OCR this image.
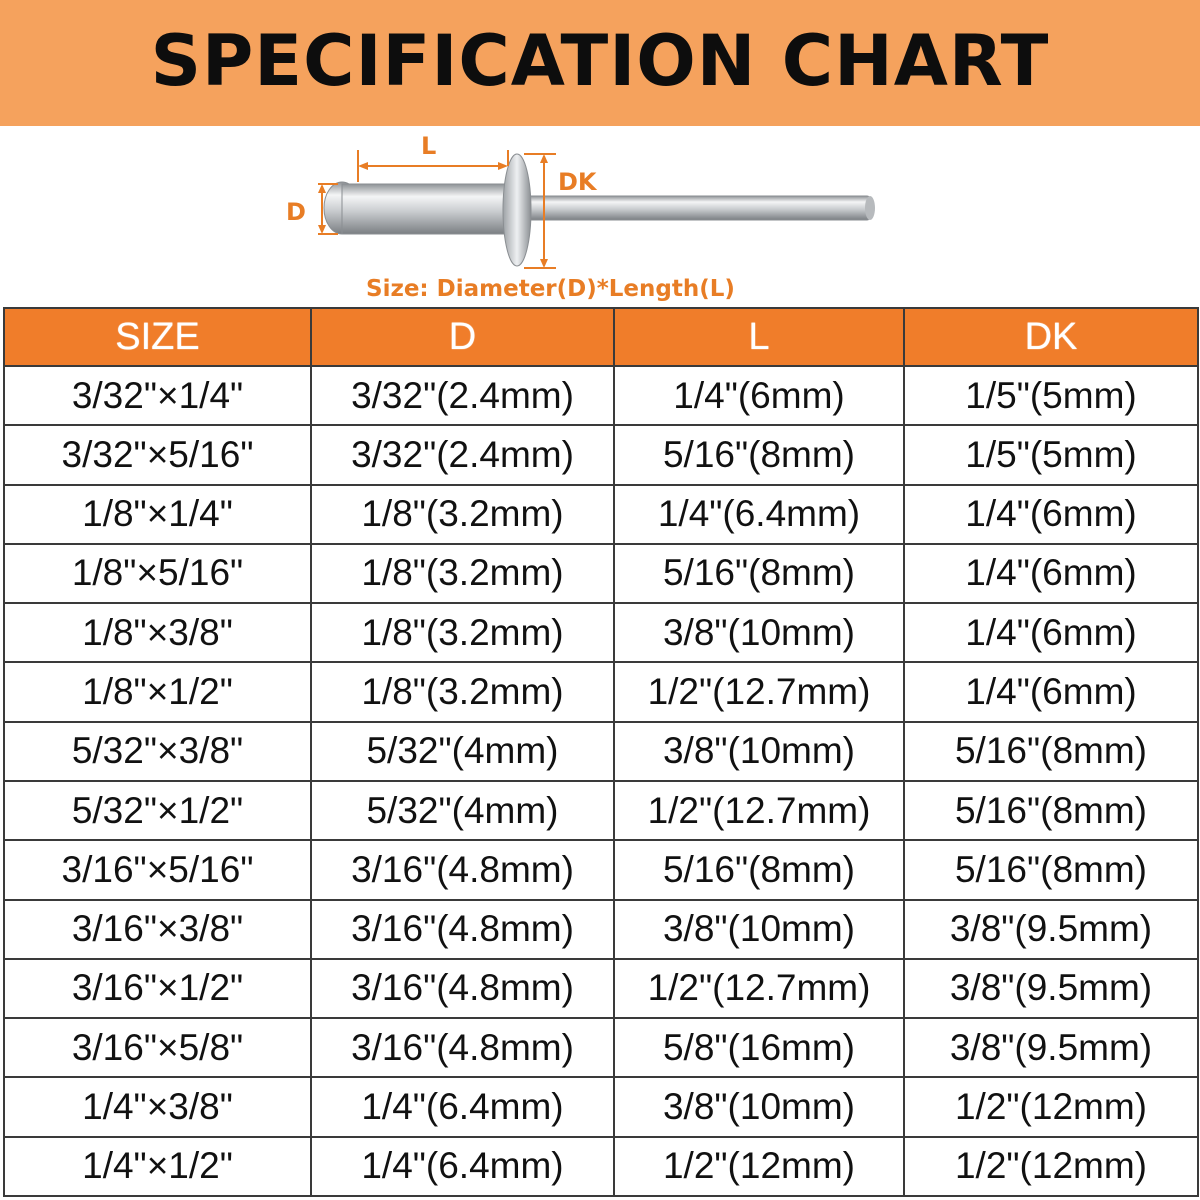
SPECIFICATION CHART
L
D
DK
Size: Diameter(D)*Length(L)
SIZE	D	L	DK
3/32"×1/4"	3/32"(2.4mm)	1/4"(6mm)	1/5"(5mm)
3/32"×5/16"	3/32"(2.4mm)	5/16"(8mm)	1/5"(5mm)
1/8"×1/4"	1/8"(3.2mm)	1/4"(6.4mm)	1/4"(6mm)
1/8"×5/16"	1/8"(3.2mm)	5/16"(8mm)	1/4"(6mm)
1/8"×3/8"	1/8"(3.2mm)	3/8"(10mm)	1/4"(6mm)
1/8"×1/2"	1/8"(3.2mm)	1/2"(12.7mm)	1/4"(6mm)
5/32"×3/8"	5/32"(4mm)	3/8"(10mm)	5/16"(8mm)
5/32"×1/2"	5/32"(4mm)	1/2"(12.7mm)	5/16"(8mm)
3/16"×5/16"	3/16"(4.8mm)	5/16"(8mm)	5/16"(8mm)
3/16"×3/8"	3/16"(4.8mm)	3/8"(10mm)	3/8"(9.5mm)
3/16"×1/2"	3/16"(4.8mm)	1/2"(12.7mm)	3/8"(9.5mm)
3/16"×5/8"	3/16"(4.8mm)	5/8"(16mm)	3/8"(9.5mm)
1/4"×3/8"	1/4"(6.4mm)	3/8"(10mm)	1/2"(12mm)
1/4"×1/2"	1/4"(6.4mm)	1/2"(12mm)	1/2"(12mm)
